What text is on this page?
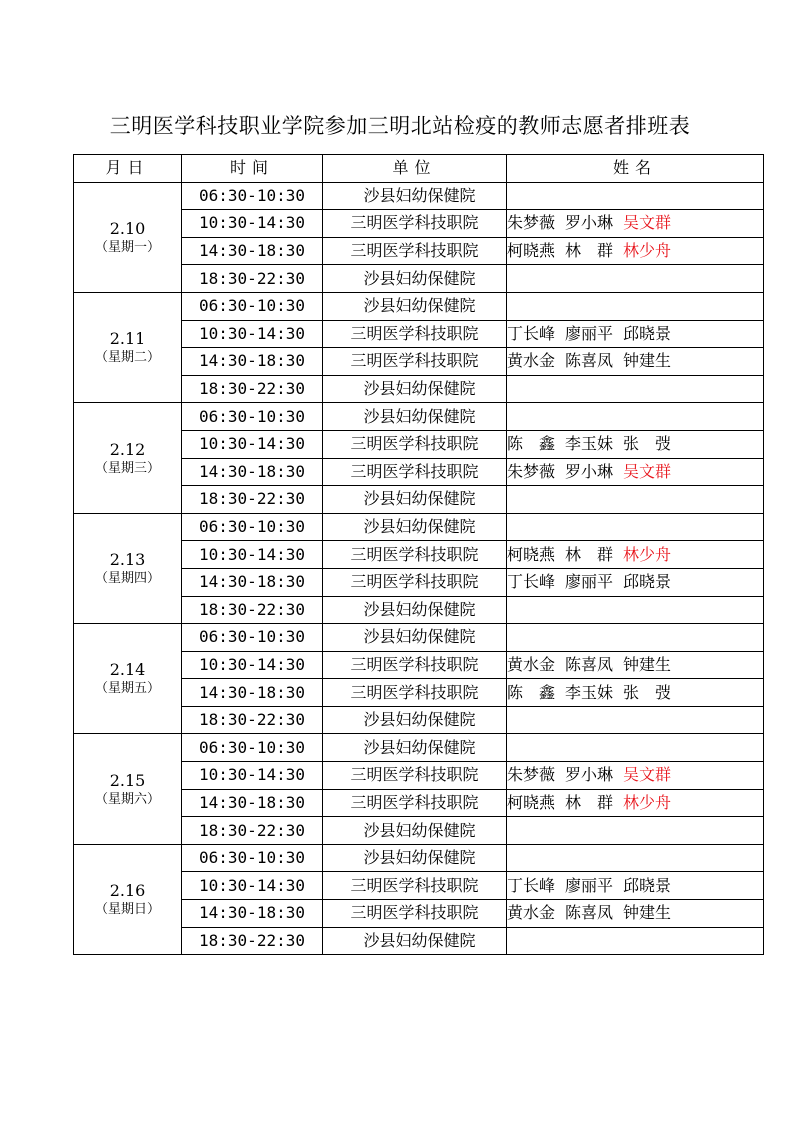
三明医学科技职业学院参加三明北站检疫的教师志愿者排班表
月日	时间	单位	姓名

2.10
（星期一）	06:30-10:30	沙县妇幼保健院	
	10:30-14:30	三明医学科技职院	朱梦薇 罗小琳 吴文群
	14:30-18:30	三明医学科技职院	柯晓燕 林　群 林少舟
	18:30-22:30	沙县妇幼保健院	

2.11
（星期二）	06:30-10:30	沙县妇幼保健院	
	10:30-14:30	三明医学科技职院	丁长峰 廖丽平 邱晓景
	14:30-18:30	三明医学科技职院	黄水金 陈喜凤 钟建生
	18:30-22:30	沙县妇幼保健院	

2.12
（星期三）	06:30-10:30	沙县妇幼保健院	
	10:30-14:30	三明医学科技职院	陈　鑫 李玉妹 张　弢
	14:30-18:30	三明医学科技职院	朱梦薇 罗小琳 吴文群
	18:30-22:30	沙县妇幼保健院	

2.13
（星期四）	06:30-10:30	沙县妇幼保健院	
	10:30-14:30	三明医学科技职院	柯晓燕 林　群 林少舟
	14:30-18:30	三明医学科技职院	丁长峰 廖丽平 邱晓景
	18:30-22:30	沙县妇幼保健院	

2.14
（星期五）	06:30-10:30	沙县妇幼保健院	
	10:30-14:30	三明医学科技职院	黄水金 陈喜凤 钟建生
	14:30-18:30	三明医学科技职院	陈　鑫 李玉妹 张　弢
	18:30-22:30	沙县妇幼保健院	

2.15
（星期六）	06:30-10:30	沙县妇幼保健院	
	10:30-14:30	三明医学科技职院	朱梦薇 罗小琳 吴文群
	14:30-18:30	三明医学科技职院	柯晓燕 林　群 林少舟
	18:30-22:30	沙县妇幼保健院	

2.16
（星期日）	06:30-10:30	沙县妇幼保健院	
	10:30-14:30	三明医学科技职院	丁长峰 廖丽平 邱晓景
	14:30-18:30	三明医学科技职院	黄水金 陈喜凤 钟建生
	18:30-22:30	沙县妇幼保健院	
